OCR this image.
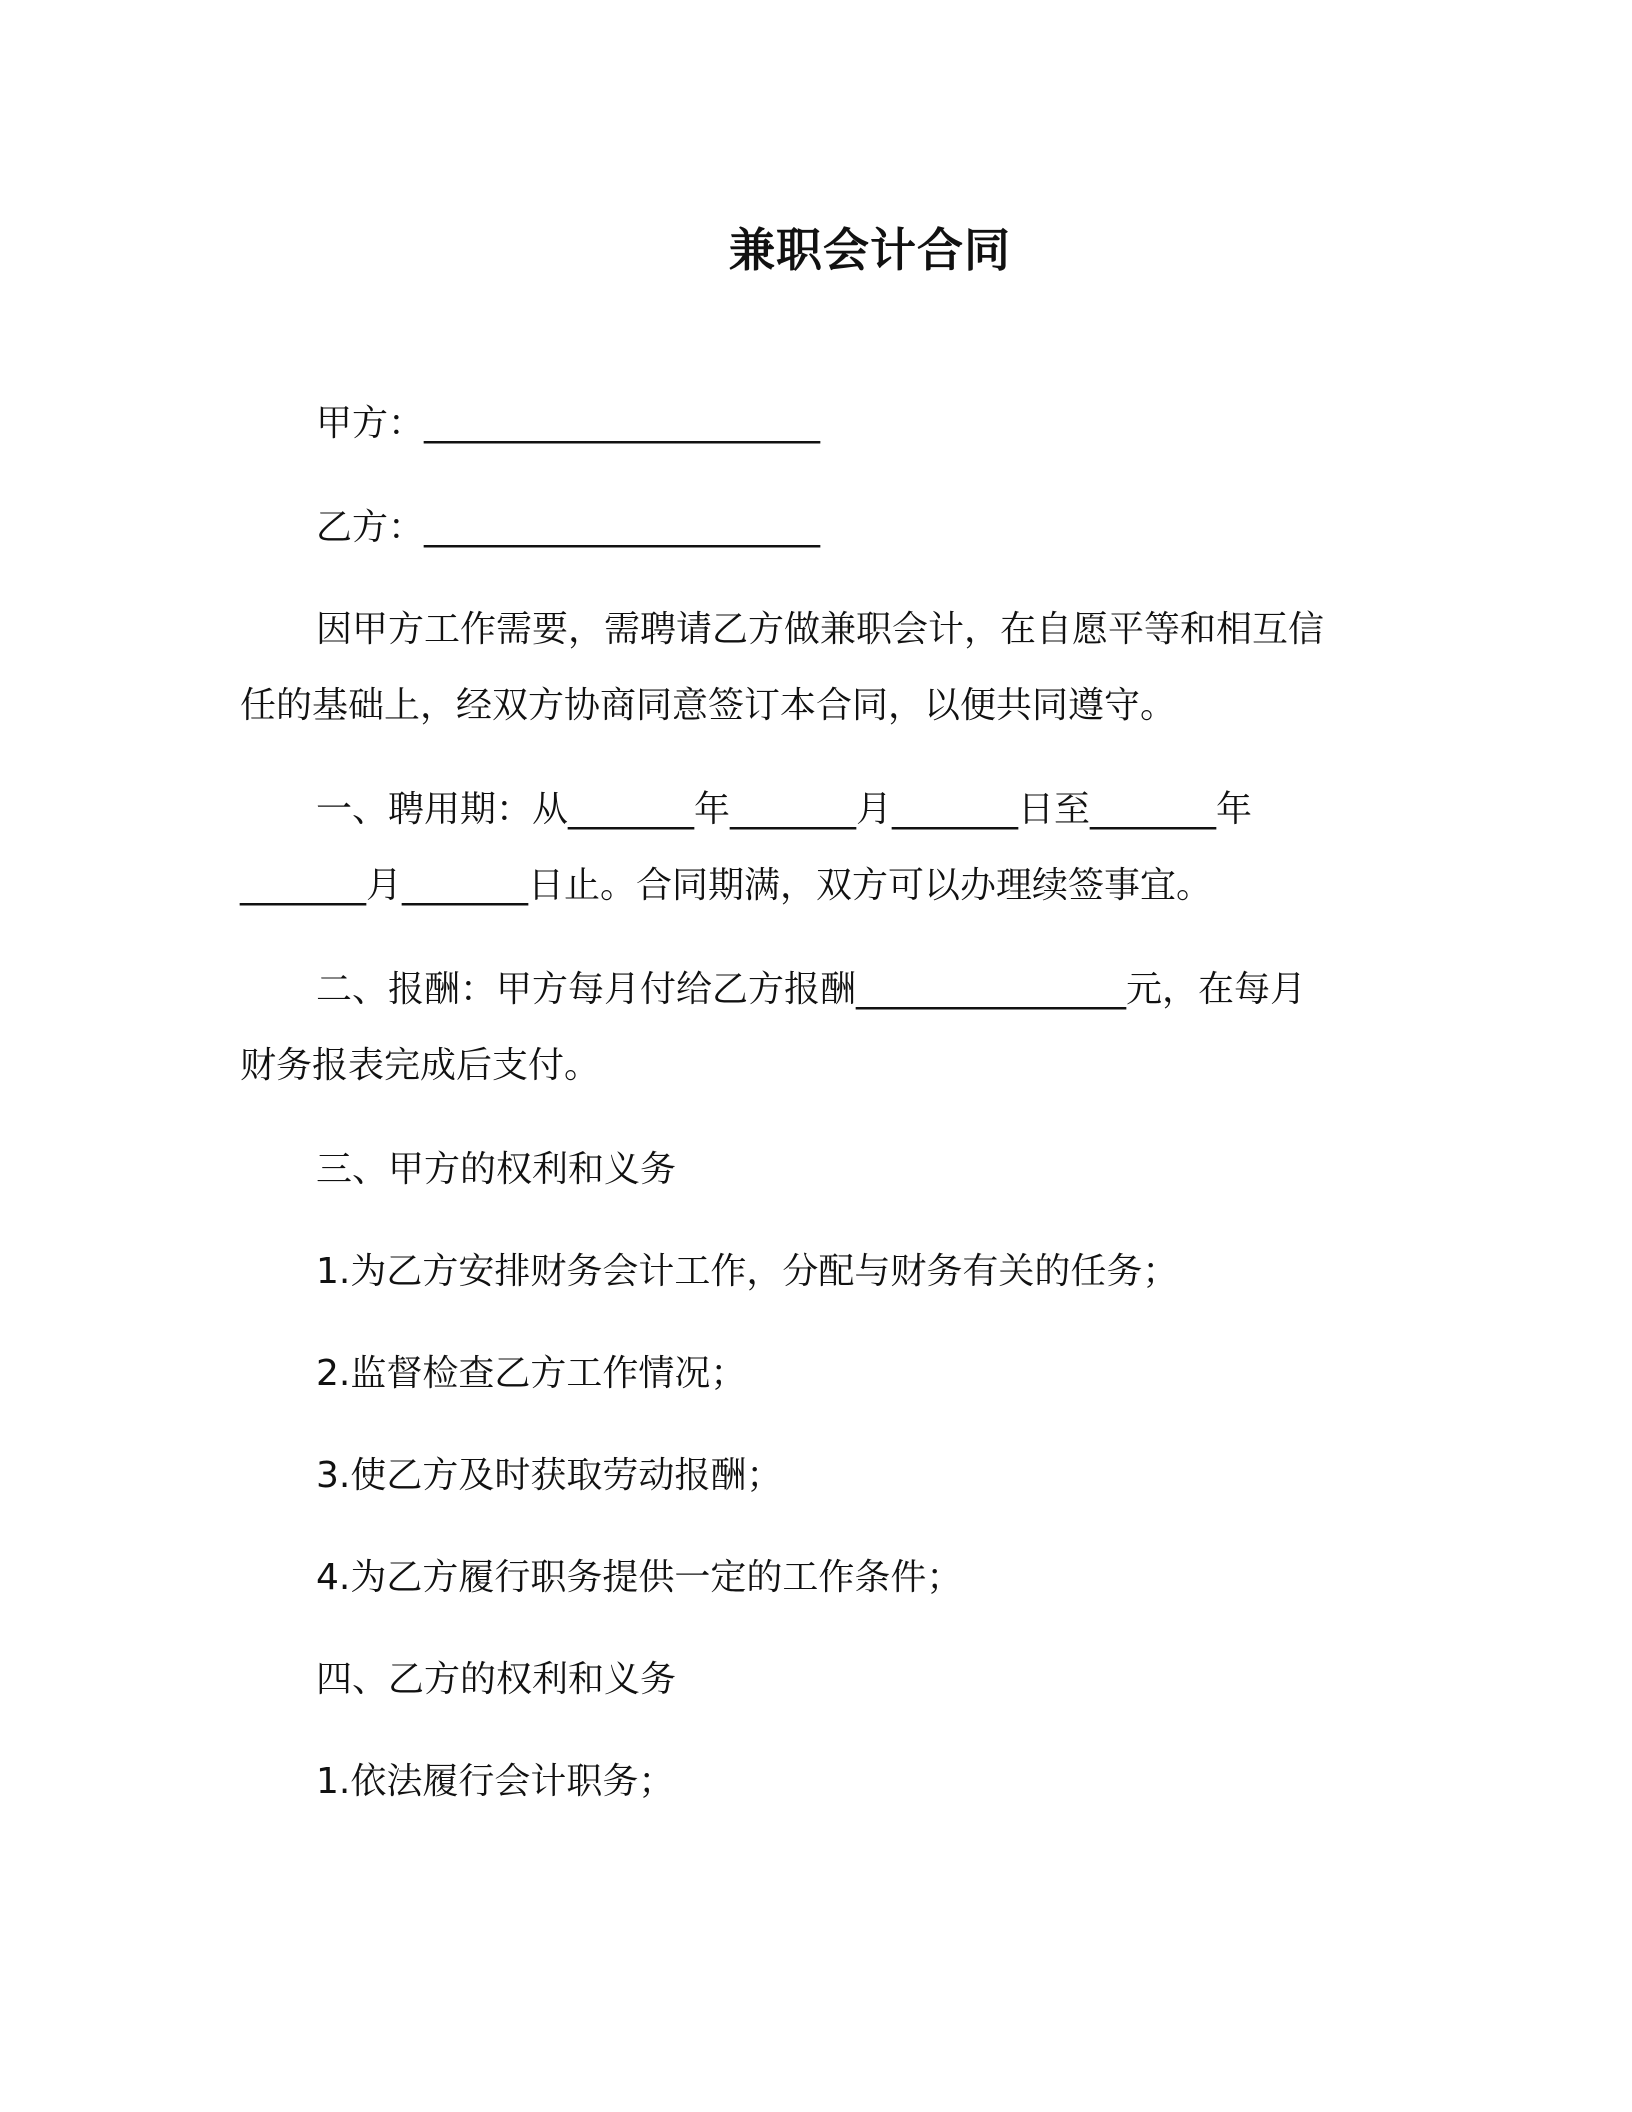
兼职会计合同
甲方：______________________
乙方：______________________
因甲方工作需要，需聘请乙方做兼职会计，在自愿平等和相互信
任的基础上，经双方协商同意签订本合同，以便共同遵守。
一、聘用期：从_______年_______月_______日至_______年
_______月_______日止。合同期满，双方可以办理续签事宜。
二、报酬：甲方每月付给乙方报酬_______________元，在每月
财务报表完成后支付。
三、甲方的权利和义务
1.为乙方安排财务会计工作，分配与财务有关的任务；
2.监督检查乙方工作情况；
3.使乙方及时获取劳动报酬；
4.为乙方履行职务提供一定的工作条件；
四、乙方的权利和义务
1.依法履行会计职务；
